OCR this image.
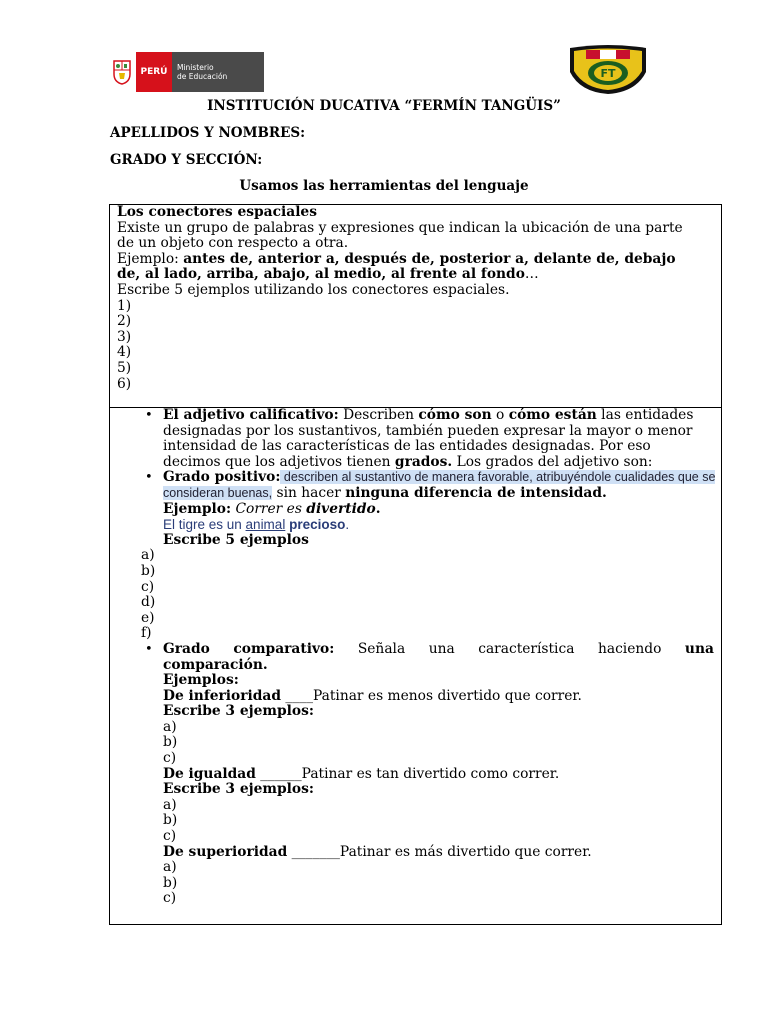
PERÚ	Ministerio
de Educación	FT
INSTITUCIÓN DUCATIVA “FERMÍN TANGÜIS”
APELLIDOS Y NOMBRES:
GRADO Y SECCIÓN:
Usamos las herramientas del lenguaje
Los conectores espaciales
Existe un grupo de palabras y expresiones que indican la ubicación de una parte
de un objeto con respecto a otra.
Ejemplo: antes de, anterior a, después de, posterior a, delante de, debajo
de, al lado, arriba, abajo, al medio, al frente al fondo…
Escribe 5 ejemplos utilizando los conectores espaciales.
1)
2)
3)
4)
5)
6)
• El adjetivo calificativo: Describen cómo son o cómo están las entidades
designadas por los sustantivos, también pueden expresar la mayor o menor
intensidad de las características de las entidades designadas. Por eso
decimos que los adjetivos tienen grados. Los grados del adjetivo son:
• Grado positivo: describen al sustantivo de manera favorable, atribuyéndole cualidades que se
consideran buenas, sin hacer ninguna diferencia de intensidad.
Ejemplo: Correr es divertido.
El tigre es un animal precioso.
Escribe 5 ejemplos
a)
b)
c)
d)
e)
f)
• Grado comparativo: Señala una característica haciendo una
comparación.
Ejemplos:
De inferioridad ____Patinar es menos divertido que correr.
Escribe 3 ejemplos:
a)
b)
c)
De igualdad ______Patinar es tan divertido como correr.
Escribe 3 ejemplos:
a)
b)
c)
De superioridad _______Patinar es más divertido que correr.
a)
b)
c)
